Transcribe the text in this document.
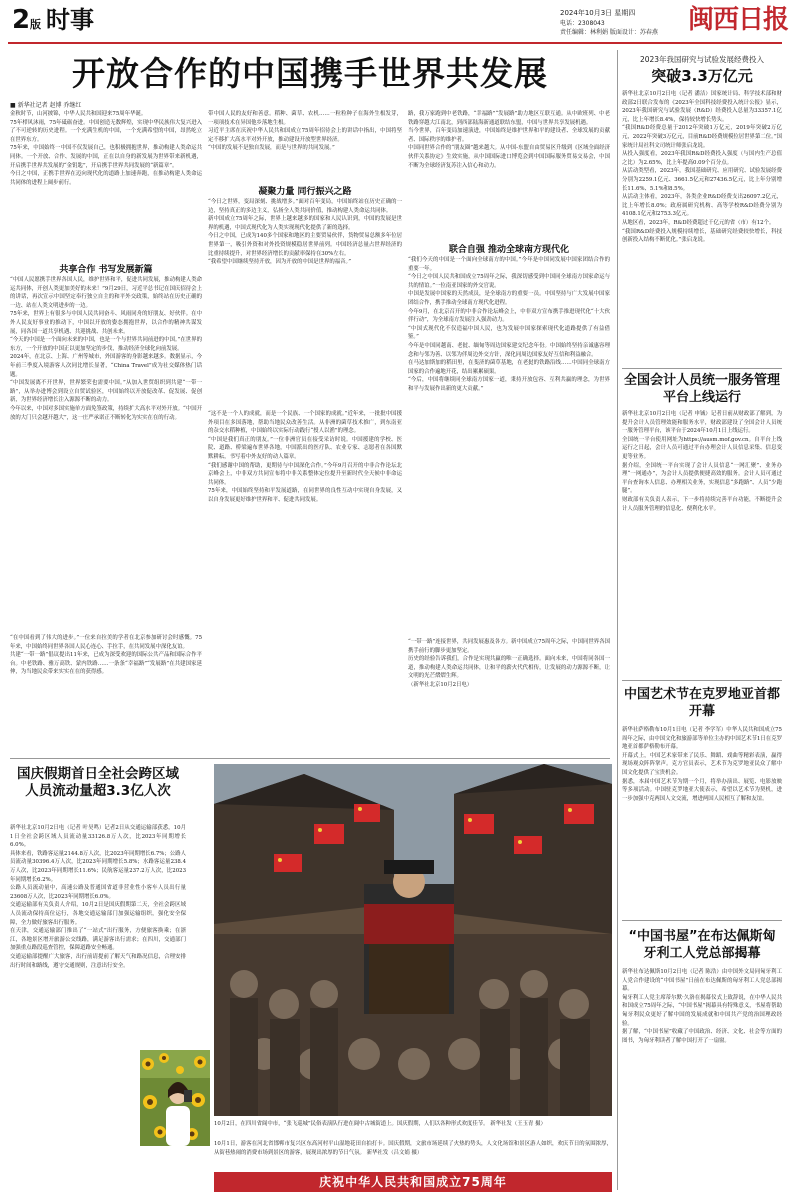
2 版 时事	2024年10月3日 星期四
电话：2308043
责任编辑：林利娟 版面设计：苏春燕 闽西日报
开放合作的中国携手世界共发展
■ 新华社记者 赵博 乔继红
金秋时节，山河披锦，中华人民共和国迎来75周年华诞。
75年栉风沐雨，75年砥砺奋进。中国创造无数辉煌，实现中华民族伟大复兴进入了不可逆转的历史进程。一个充满生机的中国，一个充满希望的中国，昂然屹立在世界东方。
75年来，中国始终一中国不仅发展自己，也积极拥抱世界，推动构建人类命运共同体。一个开放、合作、发展的中国，正在以自身的新发展为世界带来新机遇，开启携手世界共发展的“金钥匙”，开启携手世界共同发展的“新篇章”。
今日之中国，正携手世界在迈向现代化的道路上加速奔跑，在推动构建人类命运共同体的进程上阔步前行。
共享合作 书写发展新篇
“中国人民愿携手世界各国人民，维护世界和平，促进共同发展，推动构建人类命运共同体，开创人类更加美好的未来！”9月29日，习近平总书记在国庆招待会上的讲话，再次宣示中国坚定奉行独立自主的和平外交政策，始终站在历史正确的一边、站在人类文明进步的一边。
75年来，世界上有很多与中国人民共同奋斗、风雨同舟的好朋友、好伙伴。在中外人民友好事业的推动下，中国以开放的姿态拥抱世界，以合作的精神共谋发展，同各国一道共享机遇、共迎挑战、共创未来。
“今天的中国是一个面向未来的中国，也是一个与世界共同前进的中国。”在世界的东方，一个开放的中国正以更加坚定的步伐，推动经济全球化向前发展。
2024年，在北京、上海、广州等城市，外国游客的身影越来越多。数据显示，今年前三季度入境游客人次同比增长显著，“China Travel”成为社交媒体热门话题。
“中国发展离不开世界，世界繁荣也需要中国。”从加入世贸组织到共建“一带一路”，从举办进博会到设立自贸试验区，中国始终以开放促改革、促发展、促创新，为世界经济增长注入源源不断的动力。
今年以来，中国对多国实施单方面免签政策，持续扩大高水平对外开放。“中国开放的大门只会越开越大”，这一庄严承诺正不断转化为实实在在的行动。
“在中国看到了伟大的进步。”一位来自拉美的学者在北京参加研讨会时感慨。75年来，中国始终同世界各国人民心连心、手拉手，在共同发展中深化友谊。
共建“一带一路”倡议提出11年来，已成为深受欢迎的国际公共产品和国际合作平台。中老铁路、雅万高铁、蒙内铁路……一条条“幸福路”“发展路”在共建国家延伸，为当地民众带来实实在在的获得感。
带中国人民的友好和善意。稻种、菌草、农机……一粒粒种子在海外生根发芽，一项项技术在异国他乡落地生根。
习近平主席在庆祝中华人民共和国成立75周年招待会上的讲话中指出，中国将坚定不移扩大高水平对外开放，推动建设开放型世界经济。
“中国的发展不是独自发展，而是与世界的共同发展。”
凝聚力量 同行振兴之路
“今日之世界，变局深刻、挑战增多。”面对百年变局，中国始终站在历史正确的一边，坚持真正的多边主义，弘扬全人类共同价值，推动构建人类命运共同体。
新中国成立75周年之际，世界上越来越多的国家和人民认识到，中国的发展是世界的机遇，中国式现代化为人类实现现代化提供了新的选择。
今日之中国，已成为140多个国家和地区的主要贸易伙伴，货物贸易总额多年位居世界第一，吸引外资和对外投资规模稳居世界前列。中国经济总量占世界经济的比重持续提升，对世界经济增长的贡献率保持在30%左右。
“我希望中国继续坚持开放，因为开放的中国是世界的福音。”
“这不是一个人的成就，而是一个民族、一个国家的成就。”近年来，一批批中国援外项目在多国落地，帮助当地民众改善生活。从非洲的菌草技术推广，到东南亚的杂交水稻种植，中国始终以实际行动践行“授人以渔”的理念。
“中国是我们真正的朋友。”一位非洲官员在接受采访时说。中国援建的学校、医院、道路、桥梁遍布世界各地，中国派出的医疗队、农业专家、志愿者在各国默默耕耘，书写着中外友好的动人篇章。
“我们感谢中国的帮助，更期待与中国深化合作。”今年9月召开的中非合作论坛北京峰会上，中非双方共同宣布将中非关系整体定位提升至新时代全天候中非命运共同体。
75年来，中国始终坚持和平发展道路，在同世界的良性互动中实现自身发展，又以自身发展更好维护世界和平、促进共同发展。
路，我万家跑到中老铁路，“幸福路”“发展路”助力地区互联互通。从中欧班列、中老铁路穿越大江南北，到西部陆海新通道联结东盟，中国与世界共享发展机遇。
当今世界，百年变局加速演进，中国始终是维护世界和平的建设者、全球发展的贡献者、国际秩序的维护者。
中国同世界合作的“朋友圈”越来越大。从中国-东盟自由贸易区升级到《区域全面经济伙伴关系协定》生效实施，从中国国际进口博览会到中国国际服务贸易交易会，中国不断为全球经济复苏注入信心和动力。
联合自强 推动全球南方现代化
“我们今天的中国是一个面向全球南方的中国。”今年是中国同发展中国家团结合作的重要一年。
“今日之中国人民共和国成立75周年之际，我深切感受到中国同全球南方国家命运与共的情谊。”一位南亚国家的外交官说。
中国是发展中国家的天然成员，是全球南方的重要一员。中国坚持与广大发展中国家团结合作，携手推动全球南方现代化进程。
今年9月，在北京召开的中非合作论坛峰会上，中非双方宣布携手推进现代化“十大伙伴行动”，为全球南方发展注入强劲动力。
“中国式现代化不仅造福中国人民，也为发展中国家探索现代化道路提供了有益借鉴。”
今年是中国同越南、老挝、缅甸等周边国家建交纪念年份。中国始终坚持亲诚惠容理念和与邻为善、以邻为伴周边外交方针，深化同周边国家友好互信和利益融合。
在马达加斯加的稻田里，在斐济的菌草基地，在老挝的铁路沿线……中国同全球南方国家的合作遍地开花，结出累累硕果。
“今后，中国将继续同全球南方国家一道，秉持开放包容、互利共赢的理念，为世界和平与发展作出新的更大贡献。”
“一带一路”连接世界，共同发展惠及各方。新中国成立75周年之际，中国同世界各国携手前行的脚步更加坚定。
历史的经验告诉我们，合作是实现共赢的唯一正确选择。面向未来，中国将同各国一道，推动构建人类命运共同体，让和平的薪火代代相传，让发展的动力源源不断，让文明的光芒熠熠生辉。
（新华社北京10月2日电）
2023年我国研究与试验发展经费投入
突破3.3万亿元
新华社北京10月2日电（记者 潘洁）国家统计局、科学技术部和财政部2日联合发布的《2023年全国科技经费投入统计公报》显示，2023年我国研究与试验发展（R&D）经费投入总量为33357.1亿元，比上年增长8.4%，保持较快增长势头。
“我国R&D经费总量于2012年突破1万亿元，2019年突破2万亿元，2022年突破3万亿元，目前R&D经费规模位居世界第二位。”国家统计局社科文司统计师张启龙说。
从投入强度看，2023年我国R&D经费投入强度（与国内生产总值之比）为2.65%，比上年提高0.09个百分点。
从活动类型看，2023年，我国基础研究、应用研究、试验发展经费分别为2259.1亿元、3661.5亿元和27436.5亿元，比上年分别增长11.6%、5.1%和8.5%。
从活动主体看，2023年，各类企业R&D经费支出26097.2亿元，比上年增长8.0%；政府属研究机构、高等学校R&D经费分别为4108.1亿元和2753.3亿元。
从地区看，2023年，R&D经费超过千亿元的省（市）有12个。
“我国R&D经费投入规模持续增长，基础研究经费较快增长，科技创新投入结构不断优化。”张启龙说。
全国会计人员统一服务管理平台上线运行
新华社北京10月2日电（记者 申铖）记者日前从财政部了解到，为提升会计人员管理效能和服务水平，财政部建设了全国会计人员统一服务管理平台，该平台于2024年10月1日上线运行。
全国统一平台使用网址为https://ausm.mof.gov.cn。自平台上线运行之日起，会计人员可通过平台办理会计人员信息采集、信息变更等业务。
据介绍，全国统一平台实现了会计人员信息“一网汇聚”、业务办理“一网通办”，为会计人员提供便捷高效的服务。会计人员可通过平台查询本人信息、办理相关业务，实现信息“多跑路”、人员“少跑腿”。
财政部有关负责人表示，下一步将持续完善平台功能，不断提升会计人员服务管理的信息化、便利化水平。
中国艺术节在克罗地亚首都开幕
新华社萨格勒布10月1日电（记者 李学军）中华人民共和国成立75周年之际，由中国文化和旅游部等单位主办的中国艺术节1日在克罗地亚首都萨格勒布开幕。
开幕式上，中国艺术家带来了民乐、舞蹈、戏曲等精彩表演，赢得现场观众阵阵掌声。克方官员表示，艺术节为克罗地亚民众了解中国文化提供了宝贵机会。
据悉，本届中国艺术节为期一个月，将举办演出、展览、电影放映等多项活动。中国驻克罗地亚大使表示，希望以艺术节为契机，进一步加强中克两国人文交流，增进两国人民相互了解和友谊。
“中国书屋”在布达佩斯匈牙利工人党总部揭幕
新华社布达佩斯10月2日电（记者 陈浩）由中国外文局同匈牙利工人党合作建设的“中国书屋”日前在布达佩斯的匈牙利工人党总部揭幕。
匈牙利工人党主席蒂尔默·久洛在揭幕仪式上致辞说，在中华人民共和国成立75周年之际，“中国书屋”揭幕具有特殊意义，书屋将帮助匈牙利民众更好了解中国的发展成就和中国共产党的治国理政经验。
据了解，“中国书屋”收藏了中国政治、经济、文化、社会等方面的图书，为匈牙利读者了解中国打开了一扇窗。
国庆假期首日全社会跨区域人员流动量超3.3亿人次
新华社北京10月2日电（记者 叶昊鸣）记者2日从交通运输部获悉，10月1日全社会跨区域人员流动量33126.8万人次，比2023年同期增长6.0%。
具体来看，铁路客运量2144.8万人次，比2023年同期增长6.7%；公路人员流动量30396.4万人次，比2023年同期增长5.8%；水路客运量238.4万人次，比2023年同期增长11.6%；民航客运量237.2万人次，比2023年同期增长6.2%。
公路人员流动量中，高速公路及普通国省道非营业性小客车人员出行量23608万人次，比2023年同期增长6.0%。
交通运输部有关负责人介绍，10月2日是国庆假期第二天，全社会跨区域人员流动保持高位运行，各地交通运输部门加强运输组织，强化安全保障，全力做好旅客出行服务。
在天津，交通运输部门推出了“一站式”出行服务，方便旅客换乘；在浙江，各地景区增开旅游公交线路，满足游客出行需求；在四川，交通部门加强重点路段巡查管控，保障道路安全畅通。
交通运输部提醒广大旅客，出行前请提前了解天气和路况信息，合理安排出行时间和路线，遵守交通规则，注意出行安全。
10月2日，在四川省阆中市，“张飞巡城”民俗表演队行进在阆中古城街道上。国庆假期，人们以各种形式欢度佳节。 新华社发（王玉青 摄）
10月1日，游客在河北省邯郸市复兴区东高河村平山湿地花田自拍打卡。国庆假期，文旅市场延续了火热的势头，人文化场馆和景区游人如织，欢庆节日的氛围浓厚，从街巷热闹的消费市场到景区的游客，展现出浓厚的节日气氛。 新华社发（吕文娟 摄）
庆祝中华人民共和国成立75周年
